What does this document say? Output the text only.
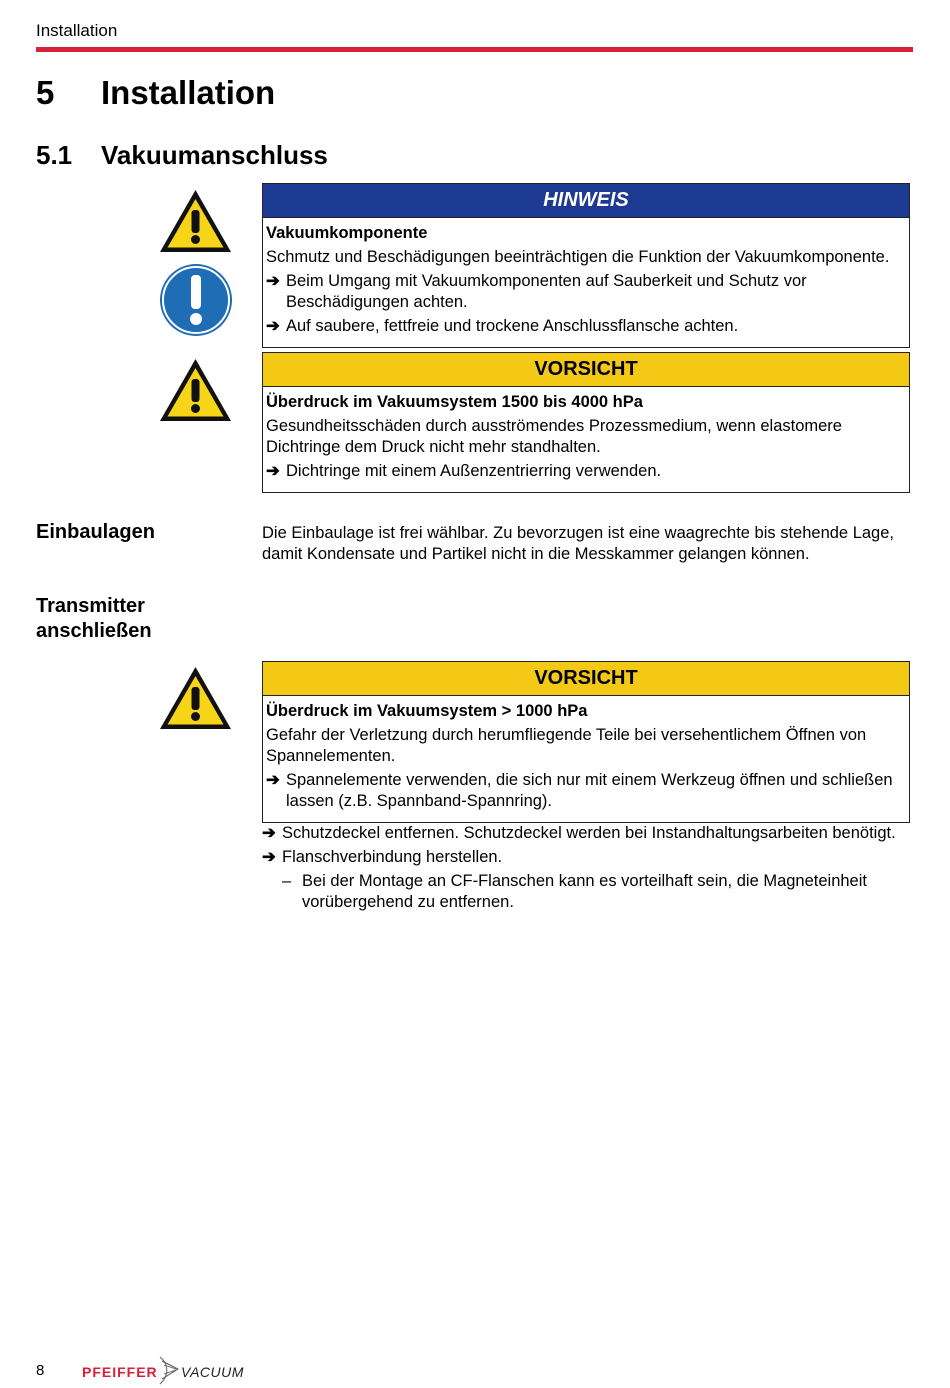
Installation
5 Installation
5.1 Vakuumanschluss
HINWEIS
Vakuumkomponente
Schmutz und Beschädigungen beeinträchtigen die Funktion der Vakuumkomponente.
➔ Beim Umgang mit Vakuumkomponenten auf Sauberkeit und Schutz vor Beschädigungen achten.
➔ Auf saubere, fettfreie und trockene Anschlussflansche achten.
VORSICHT
Überdruck im Vakuumsystem 1500 bis 4000 hPa
Gesundheitsschäden durch ausströmendes Prozessmedium, wenn elastomere Dichtringe dem Druck nicht mehr standhalten.
➔ Dichtringe mit einem Außenzentrierring verwenden.
Einbaulagen	Die Einbaulage ist frei wählbar. Zu bevorzugen ist eine waagrechte bis stehende Lage, damit Kondensate und Partikel nicht in die Messkammer gelangen können.
Transmitter anschließen
VORSICHT
Überdruck im Vakuumsystem > 1000 hPa
Gefahr der Verletzung durch herumfliegende Teile bei versehentlichem Öffnen von Spannelementen.
➔ Spannelemente verwenden, die sich nur mit einem Werkzeug öffnen und schließen lassen (z.B. Spannband-Spannring).
➔ Schutzdeckel entfernen. Schutzdeckel werden bei Instandhaltungsarbeiten benötigt.
➔ Flanschverbindung herstellen.
– Bei der Montage an CF-Flanschen kann es vorteilhaft sein, die Magneteinheit vorübergehend zu entfernen.
8	PFEIFFER VACUUM
